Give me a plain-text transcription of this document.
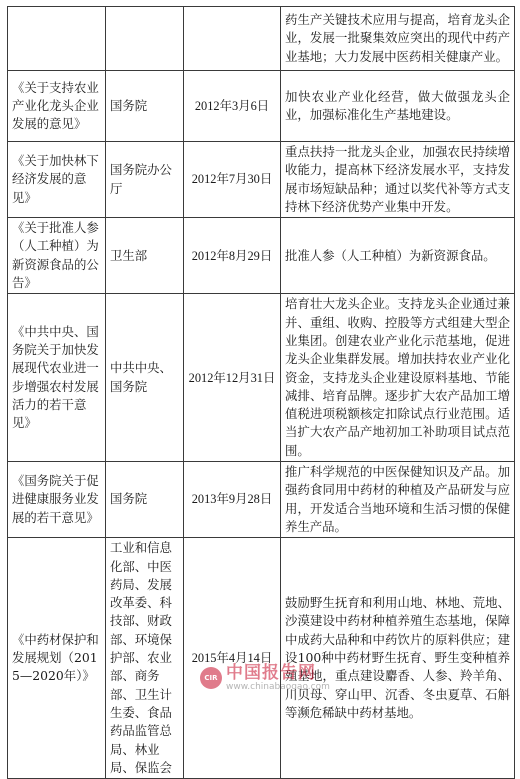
			药生产关键技术应用与提高，培育龙头企业，发展一批聚集效应突出的现代中药产业基地；大力发展中医药相关健康产业。
《关于支持农业产业化龙头企业发展的意见》	国务院	2012年3月6日	加快农业产业化经营，做大做强龙头企业，加强标准化生产基地建设。
《关于加快林下经济发展的意见》	国务院办公厅	2012年7月30日	重点扶持一批龙头企业，加强农民持续增收能力，提高林下经济发展水平，支持发展市场短缺品种；通过以奖代补等方式支持林下经济优势产业集中开发。
《关于批准人参（人工种植）为新资源食品的公告》	卫生部	2012年8月29日	批准人参（人工种植）为新资源食品。
《中共中央、国务院关于加快发展现代农业进一步增强农村发展活力的若干意见》	中共中央、国务院	2012年12月31日	培育壮大龙头企业。支持龙头企业通过兼并、重组、收购、控股等方式组建大型企业集团。创建农业产业化示范基地，促进龙头企业集群发展。增加扶持农业产业化资金，支持龙头企业建设原料基地、节能减排、培育品牌。逐步扩大农产品加工增值税进项税额核定扣除试点行业范围。适当扩大农产品产地初加工补助项目试点范围。
《国务院关于促进健康服务业发展的若干意见》	国务院	2013年9月28日	推广科学规范的中医保健知识及产品。加强药食同用中药材的种植及产品研发与应用，开发适合当地环境和生活习惯的保健养生产品。
《中药材保护和发展规划（2015—2020年）》	工业和信息化部、中医药局、发展改革委、科技部、财政部、环境保护部、农业部、商务部、卫生计生委、食品药品监管总局、林业局、保监会	2015年4月14日	鼓励野生抚育和利用山地、林地、荒地、沙漠建设中药材种植养殖生态基地，保障中成药大品种和中药饮片的原料供应；建设100种中药材野生抚育、野生变种植养殖基地，重点建设麝香、人参、羚羊角、川贝母、穿山甲、沉香、冬虫夏草、石斛等濒危稀缺中药材基地。
CIR 中国报告网
www.chinabaogao.com
